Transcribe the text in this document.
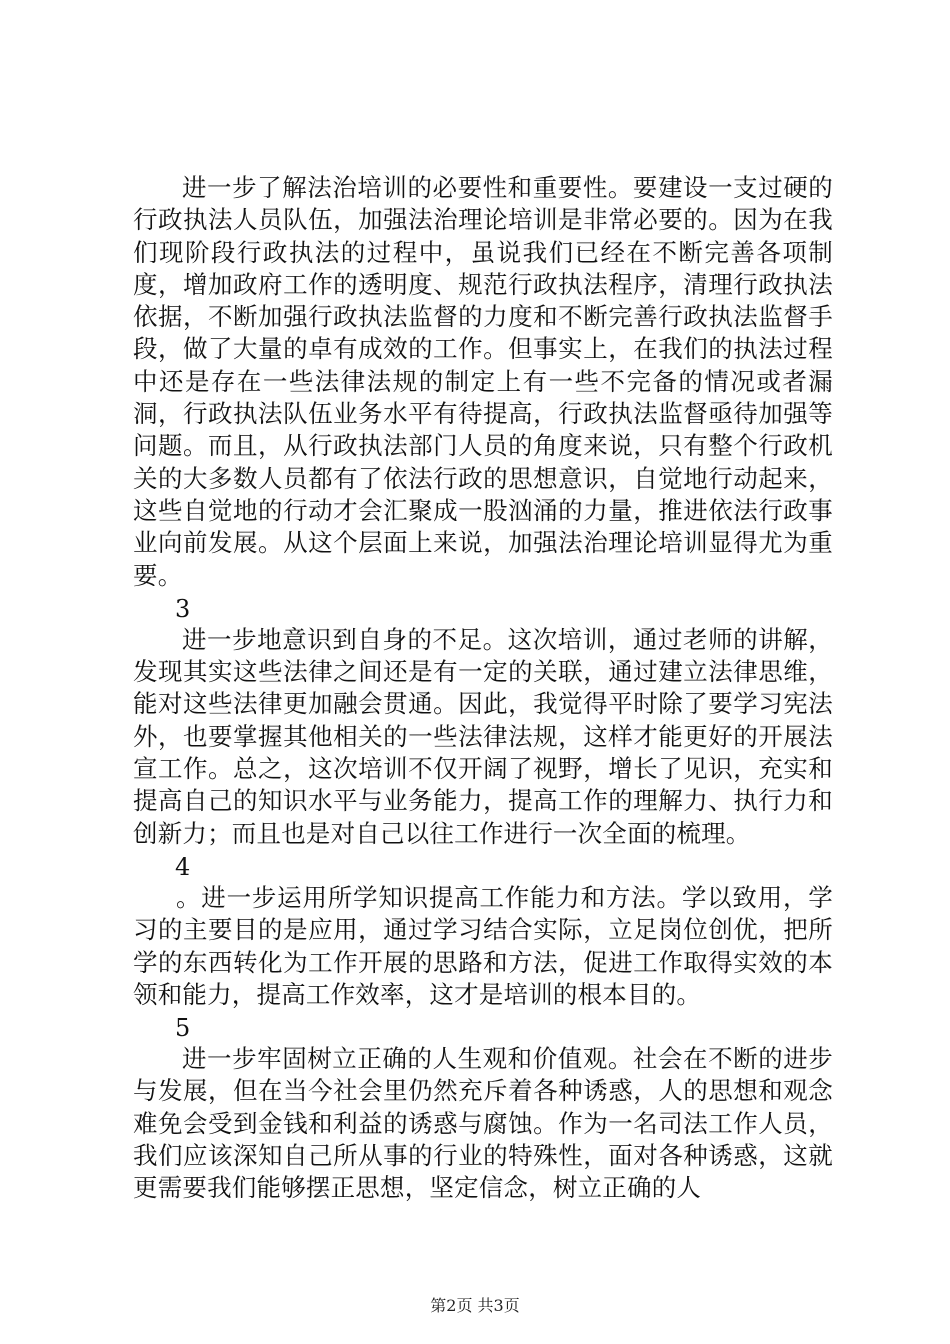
进一步了解法治培训的必要性和重要性。要建设一支过硬的行政执法人员队伍，加强法治理论培训是非常必要的。因为在我们现阶段行政执法的过程中，虽说我们已经在不断完善各项制度，增加政府工作的透明度、规范行政执法程序，清理行政执法依据，不断加强行政执法监督的力度和不断完善行政执法监督手段，做了大量的卓有成效的工作。但事实上，在我们的执法过程中还是存在一些法律法规的制定上有一些不完备的情况或者漏洞，行政执法队伍业务水平有待提高，行政执法监督亟待加强等问题。而且，从行政执法部门人员的角度来说，只有整个行政机关的大多数人员都有了依法行政的思想意识，自觉地行动起来，这些自觉地的行动才会汇聚成一股汹涌的力量，推进依法行政事业向前发展。从这个层面上来说，加强法治理论培训显得尤为重要。

3

进一步地意识到自身的不足。这次培训，通过老师的讲解，发现其实这些法律之间还是有一定的关联，通过建立法律思维，能对这些法律更加融会贯通。因此，我觉得平时除了要学习宪法外，也要掌握其他相关的一些法律法规，这样才能更好的开展法宣工作。总之，这次培训不仅开阔了视野，增长了见识，充实和提高自己的知识水平与业务能力，提高工作的理解力、执行力和创新力；而且也是对自己以往工作进行一次全面的梳理。

4

。进一步运用所学知识提高工作能力和方法。学以致用，学习的主要目的是应用，通过学习结合实际，立足岗位创优，把所学的东西转化为工作开展的思路和方法，促进工作取得实效的本领和能力，提高工作效率，这才是培训的根本目的。

5

进一步牢固树立正确的人生观和价值观。社会在不断的进步与发展，但在当今社会里仍然充斥着各种诱惑，人的思想和观念难免会受到金钱和利益的诱惑与腐蚀。作为一名司法工作人员，我们应该深知自己所从事的行业的特殊性，面对各种诱惑，这就更需要我们能够摆正思想，坚定信念，树立正确的人

第2页 共3页
